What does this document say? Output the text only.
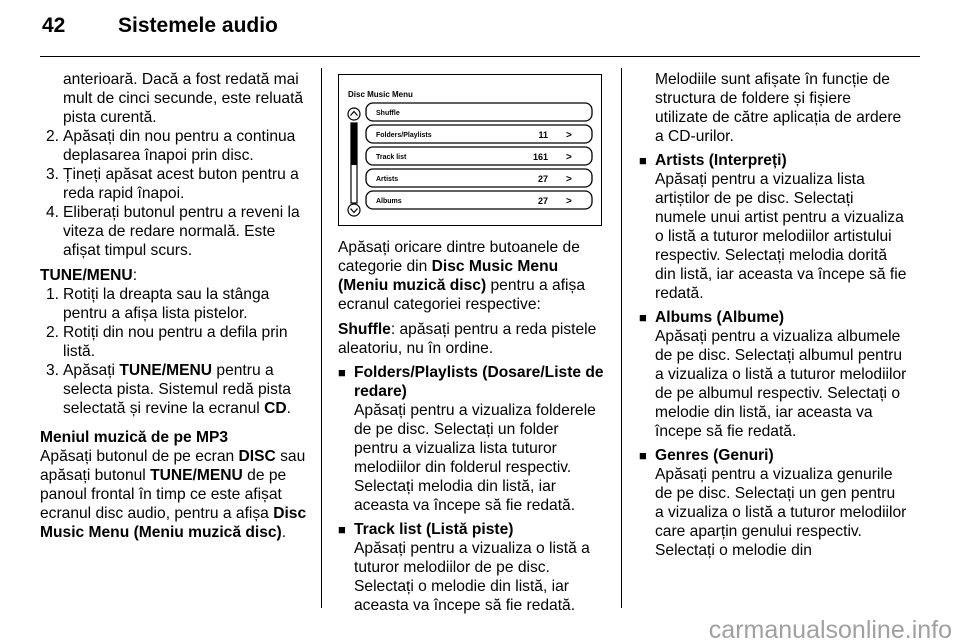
42	Sistemele audio

anterioară. Dacă a fost redată mai mult de cinci secunde, este reluată pista curentă.

2. Apăsați din nou pentru a continua deplasarea înapoi prin disc.
3. Țineți apăsat acest buton pentru a reda rapid înapoi.
4. Eliberați butonul pentru a reveni la viteza de redare normală. Este afișat timpul scurs.

TUNE/MENU:

1. Rotiți la dreapta sau la stânga pentru a afișa lista pistelor.
2. Rotiți din nou pentru a defila prin listă.
3. Apăsați TUNE/MENU pentru a selecta pista. Sistemul redă pista selectată și revine la ecranul CD.

Meniul muzică de pe MP3

Apăsați butonul de pe ecran DISC sau apăsați butonul TUNE/MENU de pe panoul frontal în timp ce este afișat ecranul disc audio, pentru a afișa Disc Music Menu (Meniu muzică disc).

Disc Music Menu
Shuffle
Folders/Playlists	11 >
Track list	161 >
Artists	27 >
Albums	27 >

Apăsați oricare dintre butoanele de categorie din Disc Music Menu (Meniu muzică disc) pentru a afișa ecranul categoriei respective:

Shuffle: apăsați pentru a reda pistele aleatoriu, nu în ordine.

■ Folders/Playlists (Dosare/Liste de redare)

Apăsați pentru a vizualiza folderele de pe disc. Selectați un folder pentru a vizualiza lista tuturor melodiilor din folderul respectiv. Selectați melodia din listă, iar aceasta va începe să fie redată.

■ Track list (Listă piste)

Apăsați pentru a vizualiza o listă a tuturor melodiilor de pe disc. Selectați o melodie din listă, iar aceasta va începe să fie redată.

Melodiile sunt afișate în funcție de structura de foldere și fișiere utilizate de către aplicația de ardere a CD-urilor.

■ Artists (Interpreți)

Apăsați pentru a vizualiza lista artiștilor de pe disc. Selectați numele unui artist pentru a vizualiza o listă a tuturor melodiilor artistului respectiv. Selectați melodia dorită din listă, iar aceasta va începe să fie redată.

■ Albums (Albume)

Apăsați pentru a vizualiza albumele de pe disc. Selectați albumul pentru a vizualiza o listă a tuturor melodiilor de pe albumul respectiv. Selectați o melodie din listă, iar aceasta va începe să fie redată.

■ Genres (Genuri)

Apăsați pentru a vizualiza genurile de pe disc. Selectați un gen pentru a vizualiza o listă a tuturor melodiilor care aparțin genului respectiv. Selectați o melodie din

carmanualsonline.info
